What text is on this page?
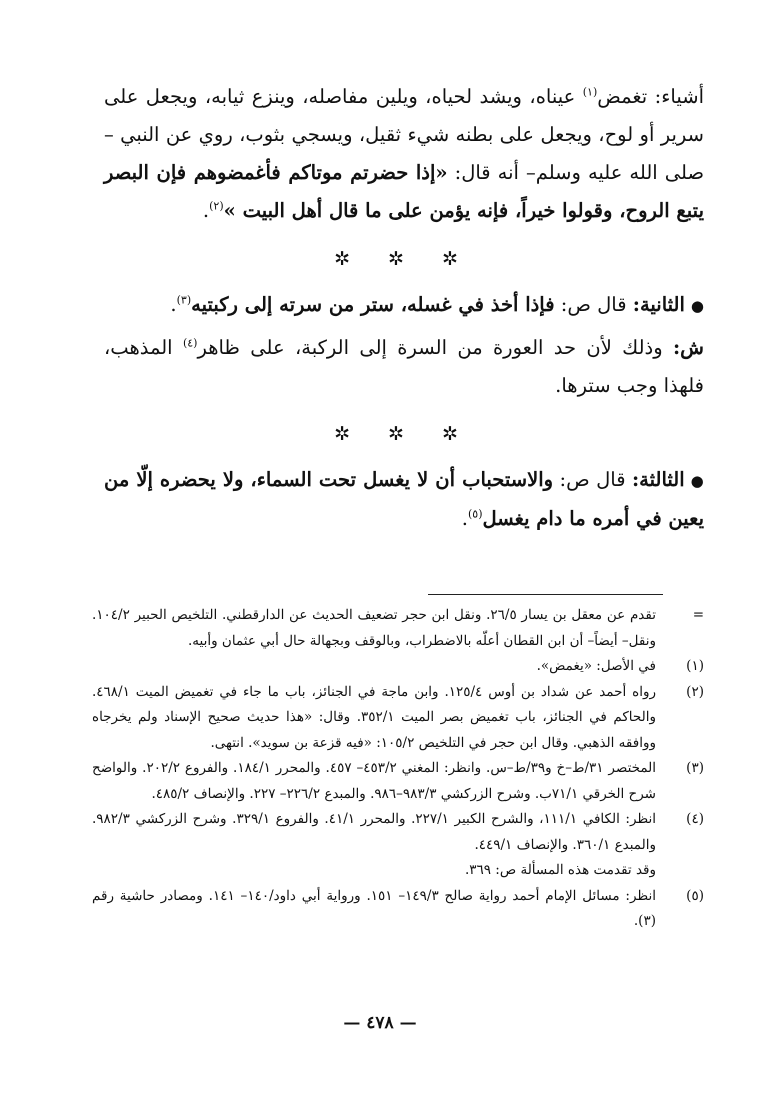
أشياء: تغمض$^{(١)}$ عيناه، ويشد لحياه، ويلين مفاصله، وينزع ثيابه، ويجعل على سرير أو لوح، ويجعل على بطنه شيء ثقيل، ويسجي بثوب، روي عن النبي – صلى الله عليه وسلم– أنه قال: «إذا حضرتم موتاكم فأغمضوهم فإن البصر يتبع الروح، وقولوا خيراً، فإنه يؤمن على ما قال أهل البيت »$^{(٢)}$.

✲ ✲ ✲

●الثانية: قال ص: فإذا أخذ في غسله، ستر من سرته إلى ركبتيه$^{(٣)}$.

ش: وذلك لأن حد العورة من السرة إلى الركبة، على ظاهر$^{(٤)}$ المذهب، فلهذا وجب سترها.

✲ ✲ ✲

●الثالثة: قال ص: والاستحباب أن لا يغسل تحت السماء، ولا يحضره إلّا من يعين في أمره ما دام يغسل$^{(٥)}$.

=
تقدم عن معقل بن يسار ٢٦/٥. ونقل ابن حجر تضعيف الحديث عن الدارقطني. التلخيص الحبير ١٠٤/٢. ونقل– أيضاً– أن ابن القطان أعلّه بالاضطراب، وبالوقف وبجهالة حال أبي عثمان وأبيه.
(١)
في الأصل: «يغمض».
(٢)
رواه أحمد عن شداد بن أوس ١٢٥/٤. وابن ماجة في الجنائز، باب ما جاء في تغميض الميت ٤٦٨/١. والحاكم في الجنائز، باب تغميض بصر الميت ٣٥٢/١. وقال: «هذا حديث صحيح الإسناد ولم يخرجاه ووافقه الذهبي. وقال ابن حجر في التلخيص ١٠٥/٢: «فيه قزعة بن سويد». انتهى.
(٣)
المختصر ٣١/ط–خ و٣٩/ط–س. وانظر: المغني ٤٥٣/٢– ٤٥٧. والمحرر ١٨٤/١. والفروع ٢٠٢/٢. والواضح شرح الخرقي ٧١/١ب. وشرح الزركشي ٩٨٣/٣–٩٨٦. والمبدع ٢٢٦/٢– ٢٢٧. والإنصاف ٤٨٥/٢.
(٤)
انظر: الكافي ١١١/١، والشرح الكبير ٢٢٧/١. والمحرر ٤١/١. والفروع ٣٢٩/١. وشرح الزركشي ٩٨٢/٣. والمبدع ٣٦٠/١. والإنصاف ٤٤٩/١.
وقد تقدمت هذه المسألة ص: ٣٦٩.
(٥)
انظر: مسائل الإمام أحمد رواية صالح ١٤٩/٣– ١٥١. ورواية أبي داود/١٤٠– ١٤١. ومصادر حاشية رقم (٣).
— ٤٧٨ —
